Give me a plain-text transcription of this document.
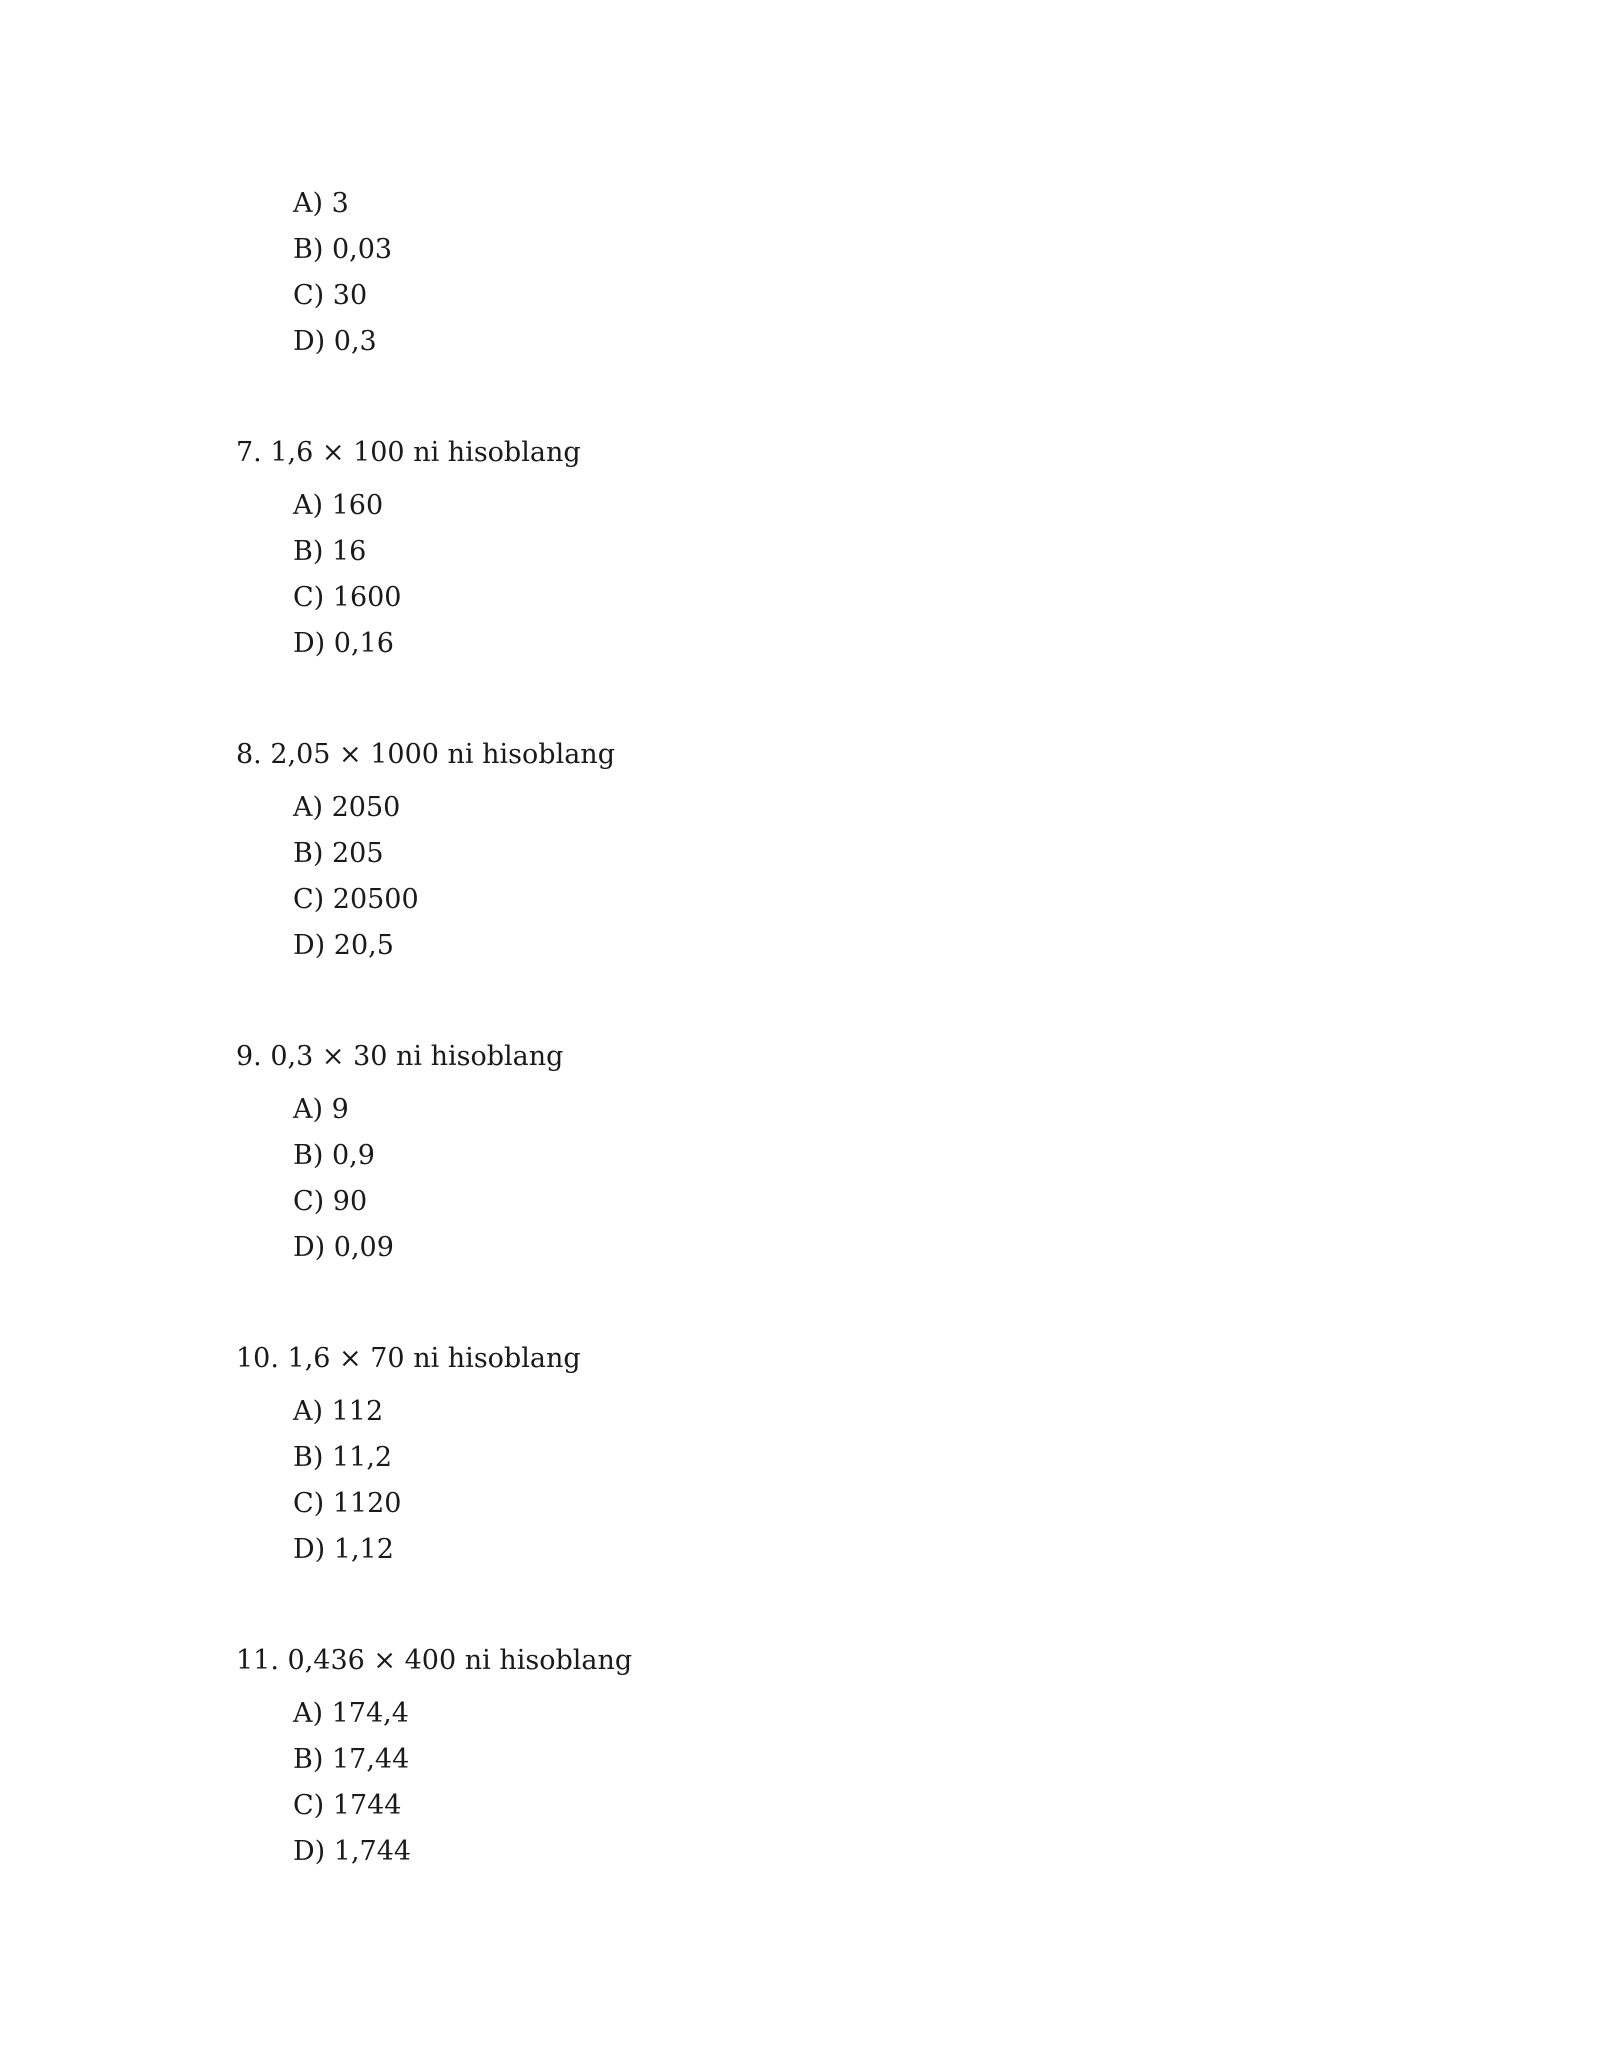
A) 3
B) 0,03
C) 30
D) 0,3
7. 1,6 × 100 ni hisoblang
A) 160
B) 16
C) 1600
D) 0,16
8. 2,05 × 1000 ni hisoblang
A) 2050
B) 205
C) 20500
D) 20,5
9. 0,3 × 30 ni hisoblang
A) 9
B) 0,9
C) 90
D) 0,09
10. 1,6 × 70 ni hisoblang
A) 112
B) 11,2
C) 1120
D) 1,12
11. 0,436 × 400 ni hisoblang
A) 174,4
B) 17,44
C) 1744
D) 1,744
